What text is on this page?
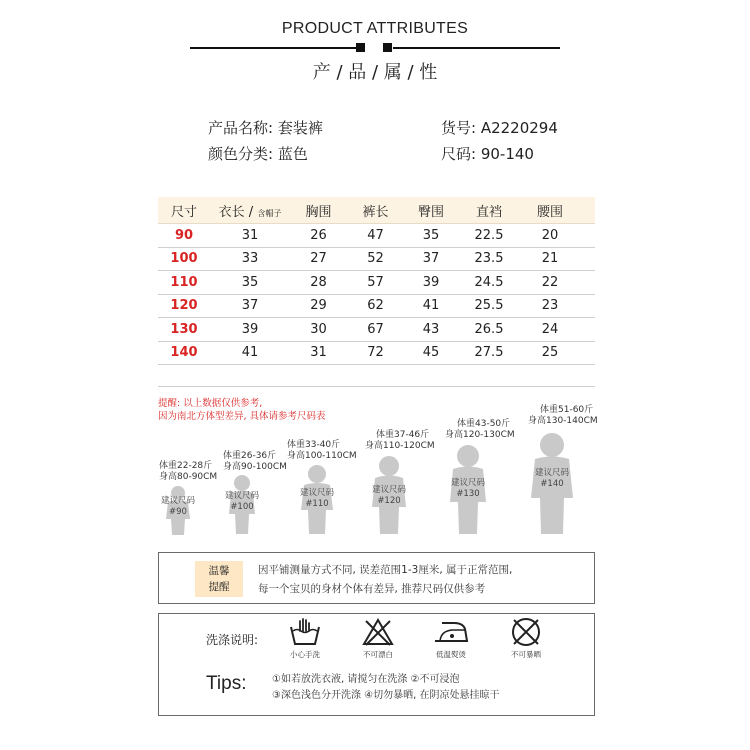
PRODUCT ATTRIBUTES
产 / 品 / 属 / 性
产品名称: 套装裤
颜色分类: 蓝色
货号: A2220294
尺码: 90-140
尺寸	衣长 / 含帽子	胸围	裤长	臀围	直裆	腰围
90	31	26	47	35	22.5	20
100	33	27	52	37	23.5	21
110	35	28	57	39	24.5	22
120	37	29	62	41	25.5	23
130	39	30	67	43	26.5	24
140	41	31	72	45	27.5	25
提醒: 以上数据仅供参考,
因为南北方体型差异, 具体请参考尺码表
体重22-28斤
身高80-90CM
建议尺码
#90
体重26-36斤
身高90-100CM
建议尺码
#100
体重33-40斤
身高100-110CM
建议尺码
#110
体重37-46斤
身高110-120CM
建议尺码
#120
体重43-50斤
身高120-130CM
建议尺码
#130
体重51-60斤
身高130-140CM
建议尺码
#140
温馨
提醒
因平铺测量方式不同, 误差范围1-3厘米, 属于正常范围,
每一个宝贝的身材个体有差异, 推荐尺码仅供参考
洗涤说明:
小心手洗	不可漂白	低温熨烫	不可暴晒
Tips:	①如若放洗衣液, 请搅匀在洗涤 ②不可浸泡
③深色浅色分开洗涤 ④切勿暴晒, 在阴凉处悬挂晾干
